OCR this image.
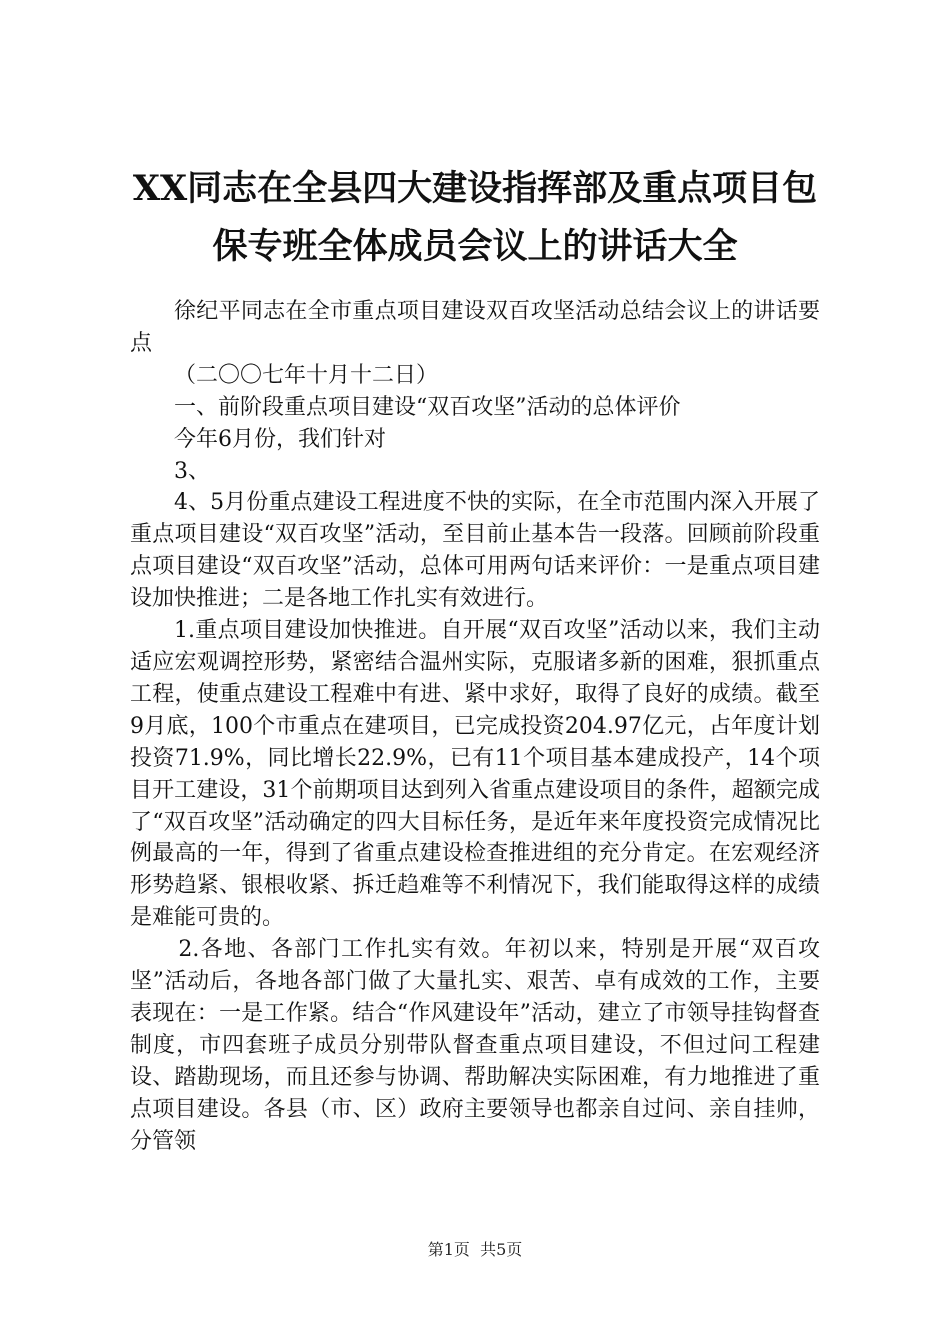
XX同志在全县四大建设指挥部及重点项目包
保专班全体成员会议上的讲话大全

徐纪平同志在全市重点项目建设双百攻坚活动总结会议上的讲话要点

（二〇〇七年十月十二日）

一、前阶段重点项目建设“双百攻坚”活动的总体评价

今年6月份，我们针对

3、

4、5月份重点建设工程进度不快的实际，在全市范围内深入开展了重点项目建设“双百攻坚”活动，至目前止基本告一段落。回顾前阶段重点项目建设“双百攻坚”活动，总体可用两句话来评价：一是重点项目建设加快推进；二是各地工作扎实有效进行。

1.重点项目建设加快推进。自开展“双百攻坚”活动以来，我们主动适应宏观调控形势，紧密结合温州实际，克服诸多新的困难，狠抓重点工程，使重点建设工程难中有进、紧中求好，取得了良好的成绩。截至9月底，100个市重点在建项目，已完成投资204.97亿元，占年度计划投资71.9%，同比增长22.9%，已有11个项目基本建成投产，14个项目开工建设，31个前期项目达到列入省重点建设项目的条件，超额完成了“双百攻坚”活动确定的四大目标任务，是近年来年度投资完成情况比例最高的一年，得到了省重点建设检查推进组的充分肯定。在宏观经济形势趋紧、银根收紧、拆迁趋难等不利情况下，我们能取得这样的成绩是难能可贵的。

2.各地、各部门工作扎实有效。年初以来，特别是开展“双百攻坚”活动后，各地各部门做了大量扎实、艰苦、卓有成效的工作，主要表现在：一是工作紧。结合“作风建设年”活动，建立了市领导挂钩督查制度，市四套班子成员分别带队督查重点项目建设，不但过问工程建设、踏勘现场，而且还参与协调、帮助解决实际困难，有力地推进了重点项目建设。各县（市、区）政府主要领导也都亲自过问、亲自挂帅，分管领

第1页 共5页
